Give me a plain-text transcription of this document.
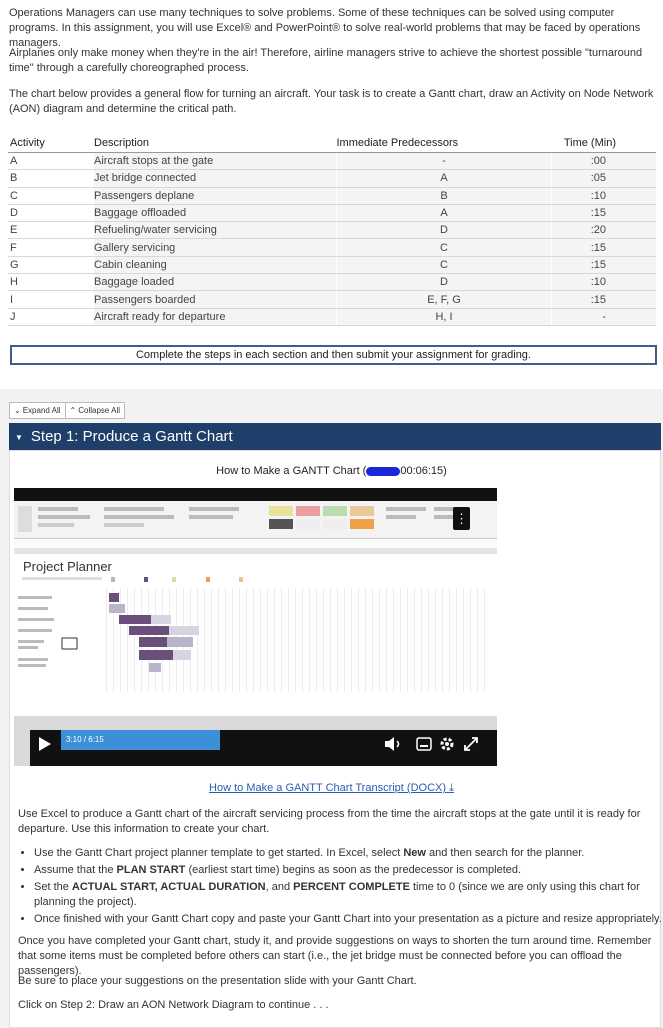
Operations Managers can use many techniques to solve problems. Some of these techniques can be solved using computer programs. In this assignment, you will use Excel® and PowerPoint® to solve real-world problems that may be faced by operations managers.

Airplanes only make money when they're in the air! Therefore, airline managers strive to achieve the shortest possible "turnaround time" through a carefully choreographed process.

The chart below provides a general flow for turning an aircraft. Your task is to create a Gantt chart, draw an Activity on Node Network (AON) diagram and determine the critical path.

Activity	Description	Immediate Predecessors	Time (Min)
A	Aircraft stops at the gate	-	:00
B	Jet bridge connected	A	:05
C	Passengers deplane	B	:10
D	Baggage offloaded	A	:15
E	Refueling/water servicing	D	:20
F	Gallery servicing	C	:15
G	Cabin cleaning	C	:15
H	Baggage loaded	D	:10
I	Passengers boarded	E, F, G	:15
J	Aircraft ready for departure	H, I	-
Complete the steps in each section and then submit your assignment for grading.
⌄ Expand All	⌃ Collapse All
▼ Step 1: Produce a Gantt Chart
How to Make a GANTT Chart (	00:06:15)
Project Planner
⋮
3:10 / 6:15
How to Make a GANTT Chart Transcript (DOCX) ⤓

Use Excel to produce a Gantt chart of the aircraft servicing process from the time the aircraft stops at the gate until it is ready for departure. Use this information to create your chart.

• Use the Gantt Chart project planner template to get started. In Excel, select New and then search for the planner.
• Assume that the PLAN START (earliest start time) begins as soon as the predecessor is completed.
• Set the ACTUAL START, ACTUAL DURATION, and PERCENT COMPLETE time to 0 (since we are only using this chart for planning the project).
• Once finished with your Gantt Chart copy and paste your Gantt Chart into your presentation as a picture and resize appropriately.

Once you have completed your Gantt chart, study it, and provide suggestions on ways to shorten the turn around time. Remember that some items must be completed before others can start (i.e., the jet bridge must be connected before you can offload the passengers).

Be sure to place your suggestions on the presentation slide with your Gantt Chart.

Click on Step 2: Draw an AON Network Diagram to continue . . .
